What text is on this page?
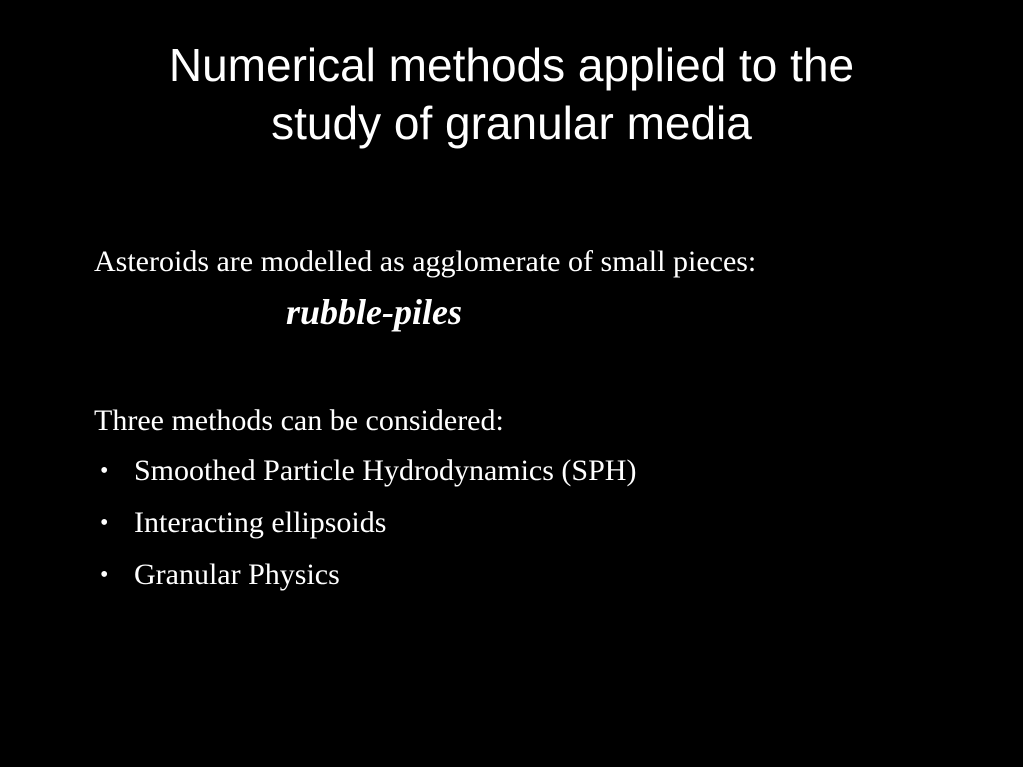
Numerical methods applied to the
study of granular media
Asteroids are modelled as agglomerate of small pieces:
rubble-piles
Three methods can be considered:
• Smoothed Particle Hydrodynamics (SPH)
• Interacting ellipsoids
• Granular Physics
